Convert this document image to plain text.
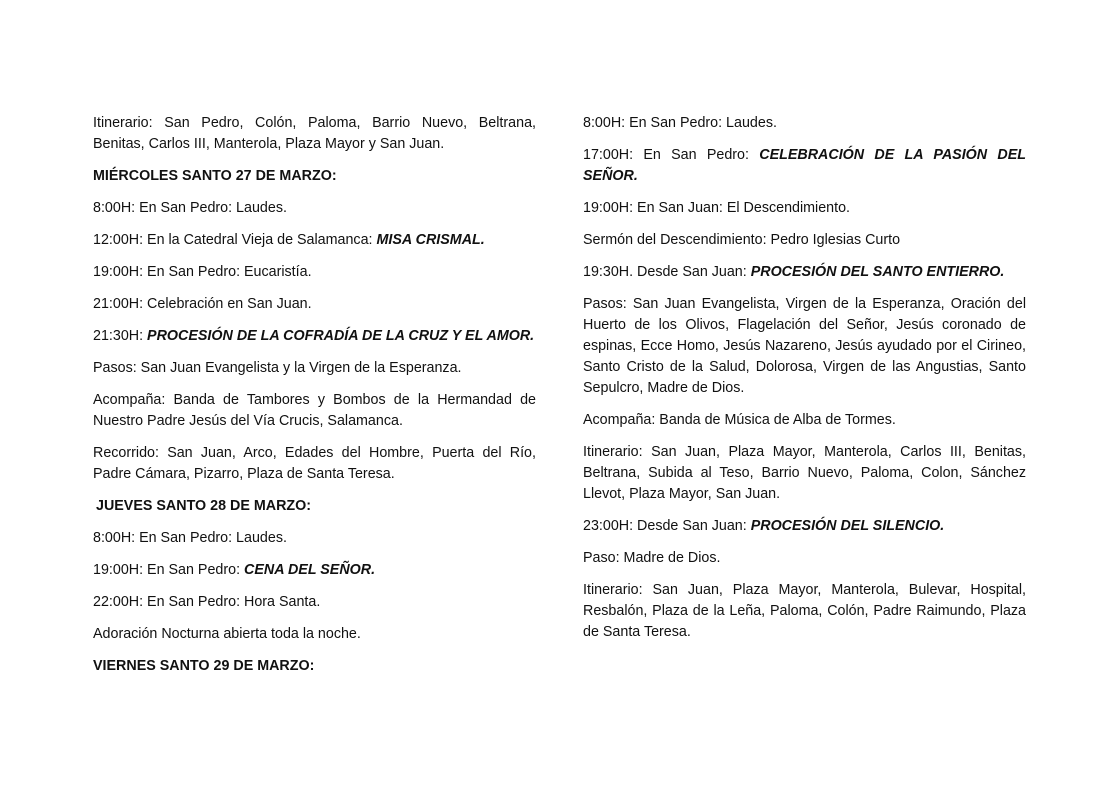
Itinerario: San Pedro, Colón, Paloma, Barrio Nuevo, Beltrana, Benitas, Carlos III, Manterola, Plaza Mayor y San Juan.

MIÉRCOLES SANTO 27 DE MARZO:

8:00H: En San Pedro: Laudes.

12:00H: En la Catedral Vieja de Salamanca: MISA CRISMAL.

19:00H: En San Pedro: Eucaristía.

21:00H: Celebración en San Juan.

21:30H: PROCESIÓN DE LA COFRADÍA DE LA CRUZ Y EL AMOR.

Pasos: San Juan Evangelista y la Virgen de la Esperanza.

Acompaña: Banda de Tambores y Bombos de la Hermandad de Nuestro Padre Jesús del Vía Crucis, Salamanca.

Recorrido: San Juan, Arco, Edades del Hombre, Puerta del Río, Padre Cámara, Pizarro, Plaza de Santa Teresa.

JUEVES SANTO 28 DE MARZO:

8:00H: En San Pedro: Laudes.

19:00H: En San Pedro: CENA DEL SEÑOR.

22:00H: En San Pedro: Hora Santa.

Adoración Nocturna abierta toda la noche.

VIERNES SANTO 29 DE MARZO:

8:00H: En San Pedro: Laudes.

17:00H: En San Pedro: CELEBRACIÓN DE LA PASIÓN DEL SEÑOR.

19:00H: En San Juan: El Descendimiento.

Sermón del Descendimiento: Pedro Iglesias Curto

19:30H. Desde San Juan: PROCESIÓN DEL SANTO ENTIERRO.

Pasos: San Juan Evangelista, Virgen de la Esperanza, Oración del Huerto de los Olivos, Flagelación del Señor, Jesús coronado de espinas, Ecce Homo, Jesús Nazareno, Jesús ayudado por el Cirineo, Santo Cristo de la Salud, Dolorosa, Virgen de las Angustias, Santo Sepulcro, Madre de Dios.

Acompaña: Banda de Música de Alba de Tormes.

Itinerario: San Juan, Plaza Mayor, Manterola, Carlos III, Benitas, Beltrana, Subida al Teso, Barrio Nuevo, Paloma, Colon, Sánchez Llevot, Plaza Mayor, San Juan.

23:00H: Desde San Juan: PROCESIÓN DEL SILENCIO.

Paso: Madre de Dios.

Itinerario: San Juan, Plaza Mayor, Manterola, Bulevar, Hospital, Resbalón, Plaza de la Leña, Paloma, Colón, Padre Raimundo, Plaza de Santa Teresa.
